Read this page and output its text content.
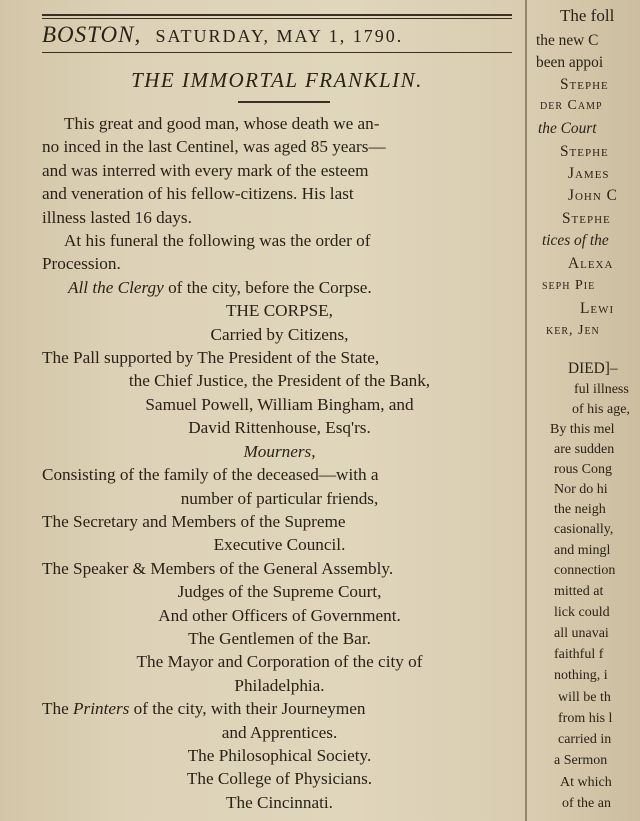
BOSTON, SATURDAY, MAY 1, 1790.
THE IMMORTAL FRANKLIN.
This great and good man, whose death we an-
no inced in the last Centinel, was aged 85 years—
and was interred with every mark of the esteem
and veneration of his fellow-citizens. His last
illness lasted 16 days.
At his funeral the following was the order of
Procession.
All the Clergy of the city, before the Corpse.
THE CORPSE,
Carried by Citizens,
The Pall supported by The President of the State,
the Chief Justice, the President of the Bank,
Samuel Powell, William Bingham, and
David Rittenhouse, Esq'rs.
Mourners,
Consisting of the family of the deceased—with a
number of particular friends,
The Secretary and Members of the Supreme
Executive Council.
The Speaker & Members of the General Assembly.
Judges of the Supreme Court,
And other Officers of Government.
The Gentlemen of the Bar.
The Mayor and Corporation of the city of
Philadelphia.
The Printers of the city, with their Journeymen
and Apprentices.
The Philosophical Society.
The College of Physicians.
The Cincinnati.
The foll
the new C
been appoi
Stephe
der Camp
the Court
Stephe
James
John C
Stephe
tices of the
Alexa
seph Pie
Lewi
ker, Jen
DIED]–
ful illness
of his age,
By this mel
are sudden
rous Cong
Nor do hi
the neigh
casionally,
and mingl
connection
mitted at
lick could
all unavai
faithful f
nothing, i
will be th
from his l
carried in
a Sermon
At which
of the an
